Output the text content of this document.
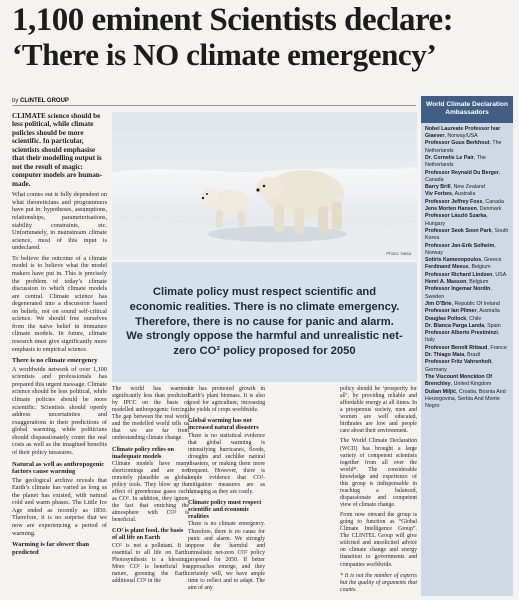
1,100 eminent Scientists declare:
‘There is NO climate emergency’
by CLINTEL GROUP

CLIMATE science should be less political, while climate policies should be more scientific. In particular, scientists should emphasise that their modelling output is not the result of magic: computer models are human-made.

What comes out is fully dependent on what theoreticians and programmers have put in: hypotheses, assumptions, relationships, parameterisations, stability constraints, etc. Unfortunately, in mainstream climate science, most of this input is undeclared.

To believe the outcome of a climate model is to believe what the model makers have put in. This is precisely the problem of today’s climate discussion to which climate models are central. Climate science has degenerated into a discussion based on beliefs, not on sound self-critical science. We should free ourselves from the naive belief in immature climate models. In future, climate research must give significantly more emphasis to empirical science.

There is no climate emergency

A worldwide network of over 1,100 scientists and professionals has prepared this urgent message. Climate science should be less political, while climate policies should be more scientific. Scientists should openly address uncertainties and exaggerations in their predictions of global warming, while politicians should dispassionately count the real costs as well as the imagined benefits of their policy measures.

Natural as well as anthropogenic factors cause warming

The geological archive reveals that Earth’s climate has varied as long as the planet has existed, with natural cold and warm phases. The Little Ice Age ended as recently as 1850. Therefore, it is no surprise that we now are experiencing a period of warming.

Warming is far slower than predicted
Photo: Nasa

Climate policy must respect scientific and economic realities. There is no climate emergency. Therefore, there is no cause for panic and alarm. We strongly oppose the harmful and unrealistic net-zero CO² policy proposed for 2050

The world has warmed significantly less than predicted by IPCC on the basis of modelled anthropogenic forcing. The gap between the real world and the modelled world tells us that we are far from understanding climate change.

Climate policy relies on inadequate models

Climate models have many shortcomings and are not remotely plausible as global policy tools. They blow up the effect of greenhouse gases such as CO². In addition, they ignore the fact that enriching the atmosphere with CO² is beneficial.

CO² is plant food, the basis of all life on Earth

CO² is not a pollutant. It is essential to all life on Earth. Photosynthesis is a blessing. More CO² is beneficial for nature, greening the Earth: additional CO² in the

air has promoted growth in Earth’s plant biomass. It is also good for agriculture, increasing the yields of crops worldwide.

Global warming has not increased natural disasters

There is no statistical evidence that global warming is intensifying hurricanes, floods, droughts and suchlike natural disasters, or making them more frequent. However, there is ample evidence that CO²-mitigation measures are as damaging as they are costly.

Climate policy must respect scientific and economic realities

There is no climate emergency. Therefore, there is no cause for panic and alarm. We strongly oppose the harmful and unrealistic net-zero CO² policy proposed for 2050. If better approaches emerge, and they certainly will, we have ample time to reflect and to adapt. The aim of any

policy should be ‘prosperity for all’, by providing reliable and affordable energy at all times. In a prosperous society, men and women are well educated, birthrates are low and people care about their environment.

The World Climate Declaration (WCD) has brought a large variety of competent scientists together from all over the world*. The considerable knowledge and experience of this group is indispensable in reaching a balanced, dispassionate and competent view of climate change.

From now onward the group is going to function as “Global Climate Intelligence Group”. The CLINTEL Group will give solicited and unsolicited advice on climate change and energy transition to governments and companies worldwide.

* It is not the number of experts but the quality of arguments that counts.

World Climate Declaration Ambassadors
Nobel Laureate Professor Ivar Giaever, Norway/USA
Professor Guus Berkhout, The Netherlands
Dr. Cornelis Le Pair, The Netherlands
Professor Reynald Du Berger, Canada
Barry Brill, New Zealand
Viv Forbes, Australia
Professor Jeffrey Foss, Canada
Jens Morten Hansen, Denmark
Professor László Szarka, Hungary
Professor Seok Soon Park, South Korea
Professor Jan-Erik Solheim, Norway
Sotiris Kamenopoulos, Greece
Ferdinand Meeus, Belgium
Professor Richard Lindzen, USA
Henri A. Masson, Belgium
Professor Ingemar Nordin, Sweden
Jim O’Brie, Republic Of Ireland
Professor Ian Plimer, Australia
Douglas Pollock, Chile
Dr. Blanca Parga Landa, Spain
Professor Alberto Prestininzi, Italy
Professor Benoît Rittaud, France
Dr. Thiago Maia, Brazil
Professor Fritz Vahrenholt, Germany
The Viscount Monckton Of Brenchley, United Kingdom
Dušan Miljić, Croatia, Bosnia And Herzegovina, Serbia And Monte Negro
